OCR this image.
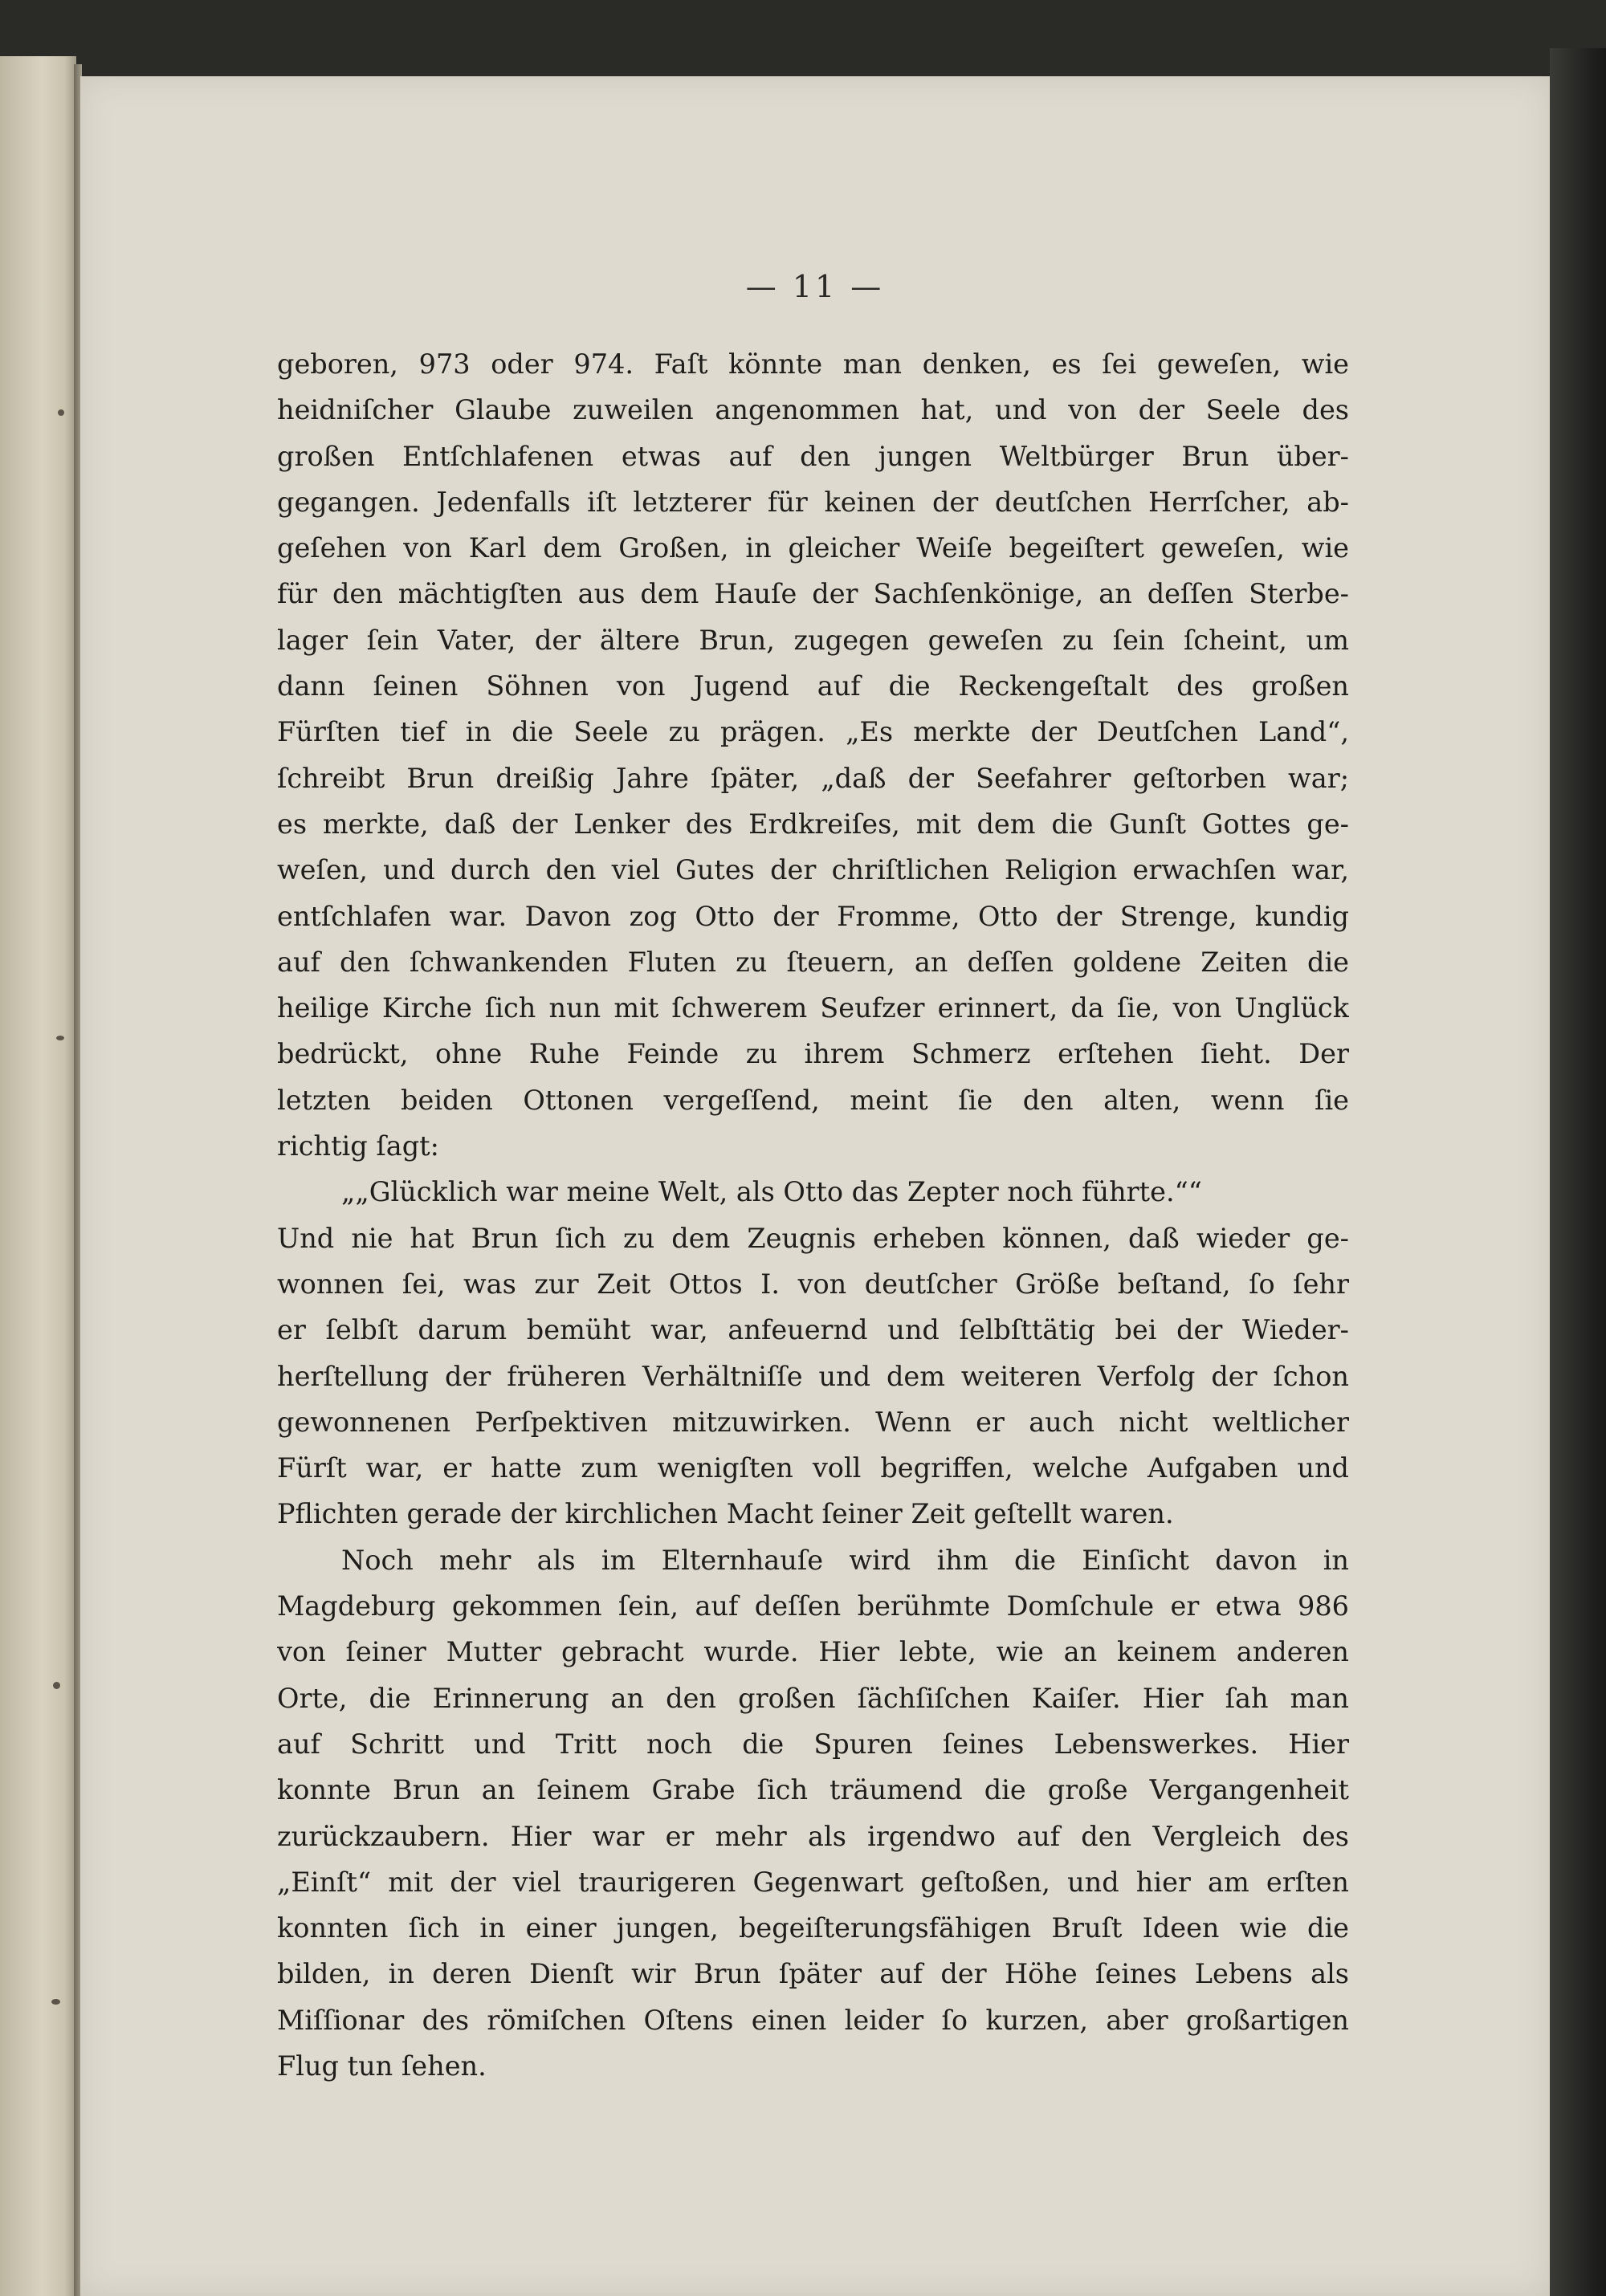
— 11 —
geboren, 973 oder 974. Faſt könnte man denken, es ſei geweſen, wie
heidniſcher Glaube zuweilen angenommen hat, und von der Seele des
großen Entſchlafenen etwas auf den jungen Weltbürger Brun über-
gegangen. Jedenfalls iſt letzterer für keinen der deutſchen Herrſcher, ab-
geſehen von Karl dem Großen, in gleicher Weiſe begeiſtert geweſen, wie
für den mächtigſten aus dem Hauſe der Sachſenkönige, an deſſen Sterbe-
lager ſein Vater, der ältere Brun, zugegen geweſen zu ſein ſcheint, um
dann ſeinen Söhnen von Jugend auf die Reckengeſtalt des großen
Fürſten tief in die Seele zu prägen. „Es merkte der Deutſchen Land“,
ſchreibt Brun dreißig Jahre ſpäter, „daß der Seefahrer geſtorben war;
es merkte, daß der Lenker des Erdkreiſes, mit dem die Gunſt Gottes ge-
weſen, und durch den viel Gutes der chriſtlichen Religion erwachſen war,
entſchlafen war. Davon zog Otto der Fromme, Otto der Strenge, kundig
auf den ſchwankenden Fluten zu ſteuern, an deſſen goldene Zeiten die
heilige Kirche ſich nun mit ſchwerem Seufzer erinnert, da ſie, von Unglück
bedrückt, ohne Ruhe Feinde zu ihrem Schmerz erſtehen ſieht. Der
letzten beiden Ottonen vergeſſend, meint ſie den alten, wenn ſie
richtig ſagt:
„„Glücklich war meine Welt, als Otto das Zepter noch führte.““
Und nie hat Brun ſich zu dem Zeugnis erheben können, daß wieder ge-
wonnen ſei, was zur Zeit Ottos I. von deutſcher Größe beſtand, ſo ſehr
er ſelbſt darum bemüht war, anfeuernd und ſelbſttätig bei der Wieder-
herſtellung der früheren Verhältniſſe und dem weiteren Verfolg der ſchon
gewonnenen Perſpektiven mitzuwirken. Wenn er auch nicht weltlicher
Fürſt war, er hatte zum wenigſten voll begriffen, welche Aufgaben und
Pflichten gerade der kirchlichen Macht ſeiner Zeit geſtellt waren.
Noch mehr als im Elternhauſe wird ihm die Einſicht davon in
Magdeburg gekommen ſein, auf deſſen berühmte Domſchule er etwa 986
von ſeiner Mutter gebracht wurde. Hier lebte, wie an keinem anderen
Orte, die Erinnerung an den großen ſächſiſchen Kaiſer. Hier ſah man
auf Schritt und Tritt noch die Spuren ſeines Lebenswerkes. Hier
konnte Brun an ſeinem Grabe ſich träumend die große Vergangenheit
zurückzaubern. Hier war er mehr als irgendwo auf den Vergleich des
„Einſt“ mit der viel traurigeren Gegenwart geſtoßen, und hier am erſten
konnten ſich in einer jungen, begeiſterungsfähigen Bruſt Ideen wie die
bilden, in deren Dienſt wir Brun ſpäter auf der Höhe ſeines Lebens als
Miſſionar des römiſchen Oſtens einen leider ſo kurzen, aber großartigen
Flug tun ſehen.
